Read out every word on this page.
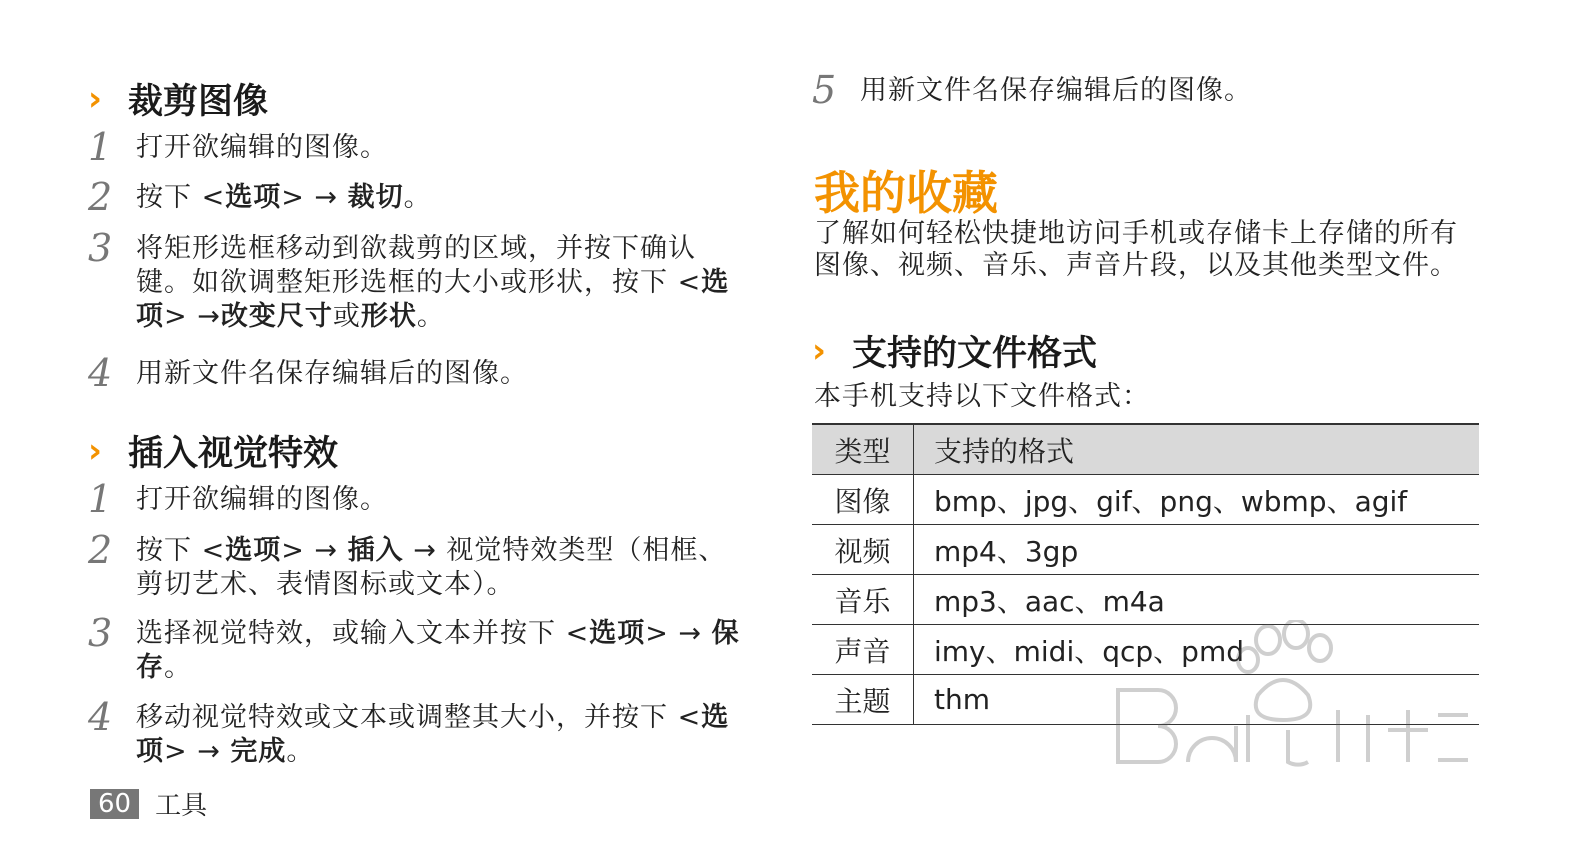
› 裁剪图像
1 打开欲编辑的图像。
2 按下 <选项> → 裁切。
3 将矩形选框移动到欲裁剪的区域，并按下确认键。如欲调整矩形选框的大小或形状，按下 <选项> →改变尺寸或形状。
4 用新文件名保存编辑后的图像。
› 插入视觉特效
1 打开欲编辑的图像。
2 按下 <选项> → 插入 → 视觉特效类型（相框、剪切艺术、表情图标或文本）。
3 选择视觉特效，或输入文本并按下 <选项> → 保存。
4 移动视觉特效或文本或调整其大小，并按下 <选项> → 完成。
5 用新文件名保存编辑后的图像。
我的收藏
了解如何轻松快捷地访问手机或存储卡上存储的所有图像、视频、音乐、声音片段，以及其他类型文件。
› 支持的文件格式
本手机支持以下文件格式：
类型	支持的格式
图像	bmp、jpg、gif、png、wbmp、agif
视频	mp4、3gp
音乐	mp3、aac、m4a
声音	imy、midi、qcp、pmd
主题	thm
60 工具
